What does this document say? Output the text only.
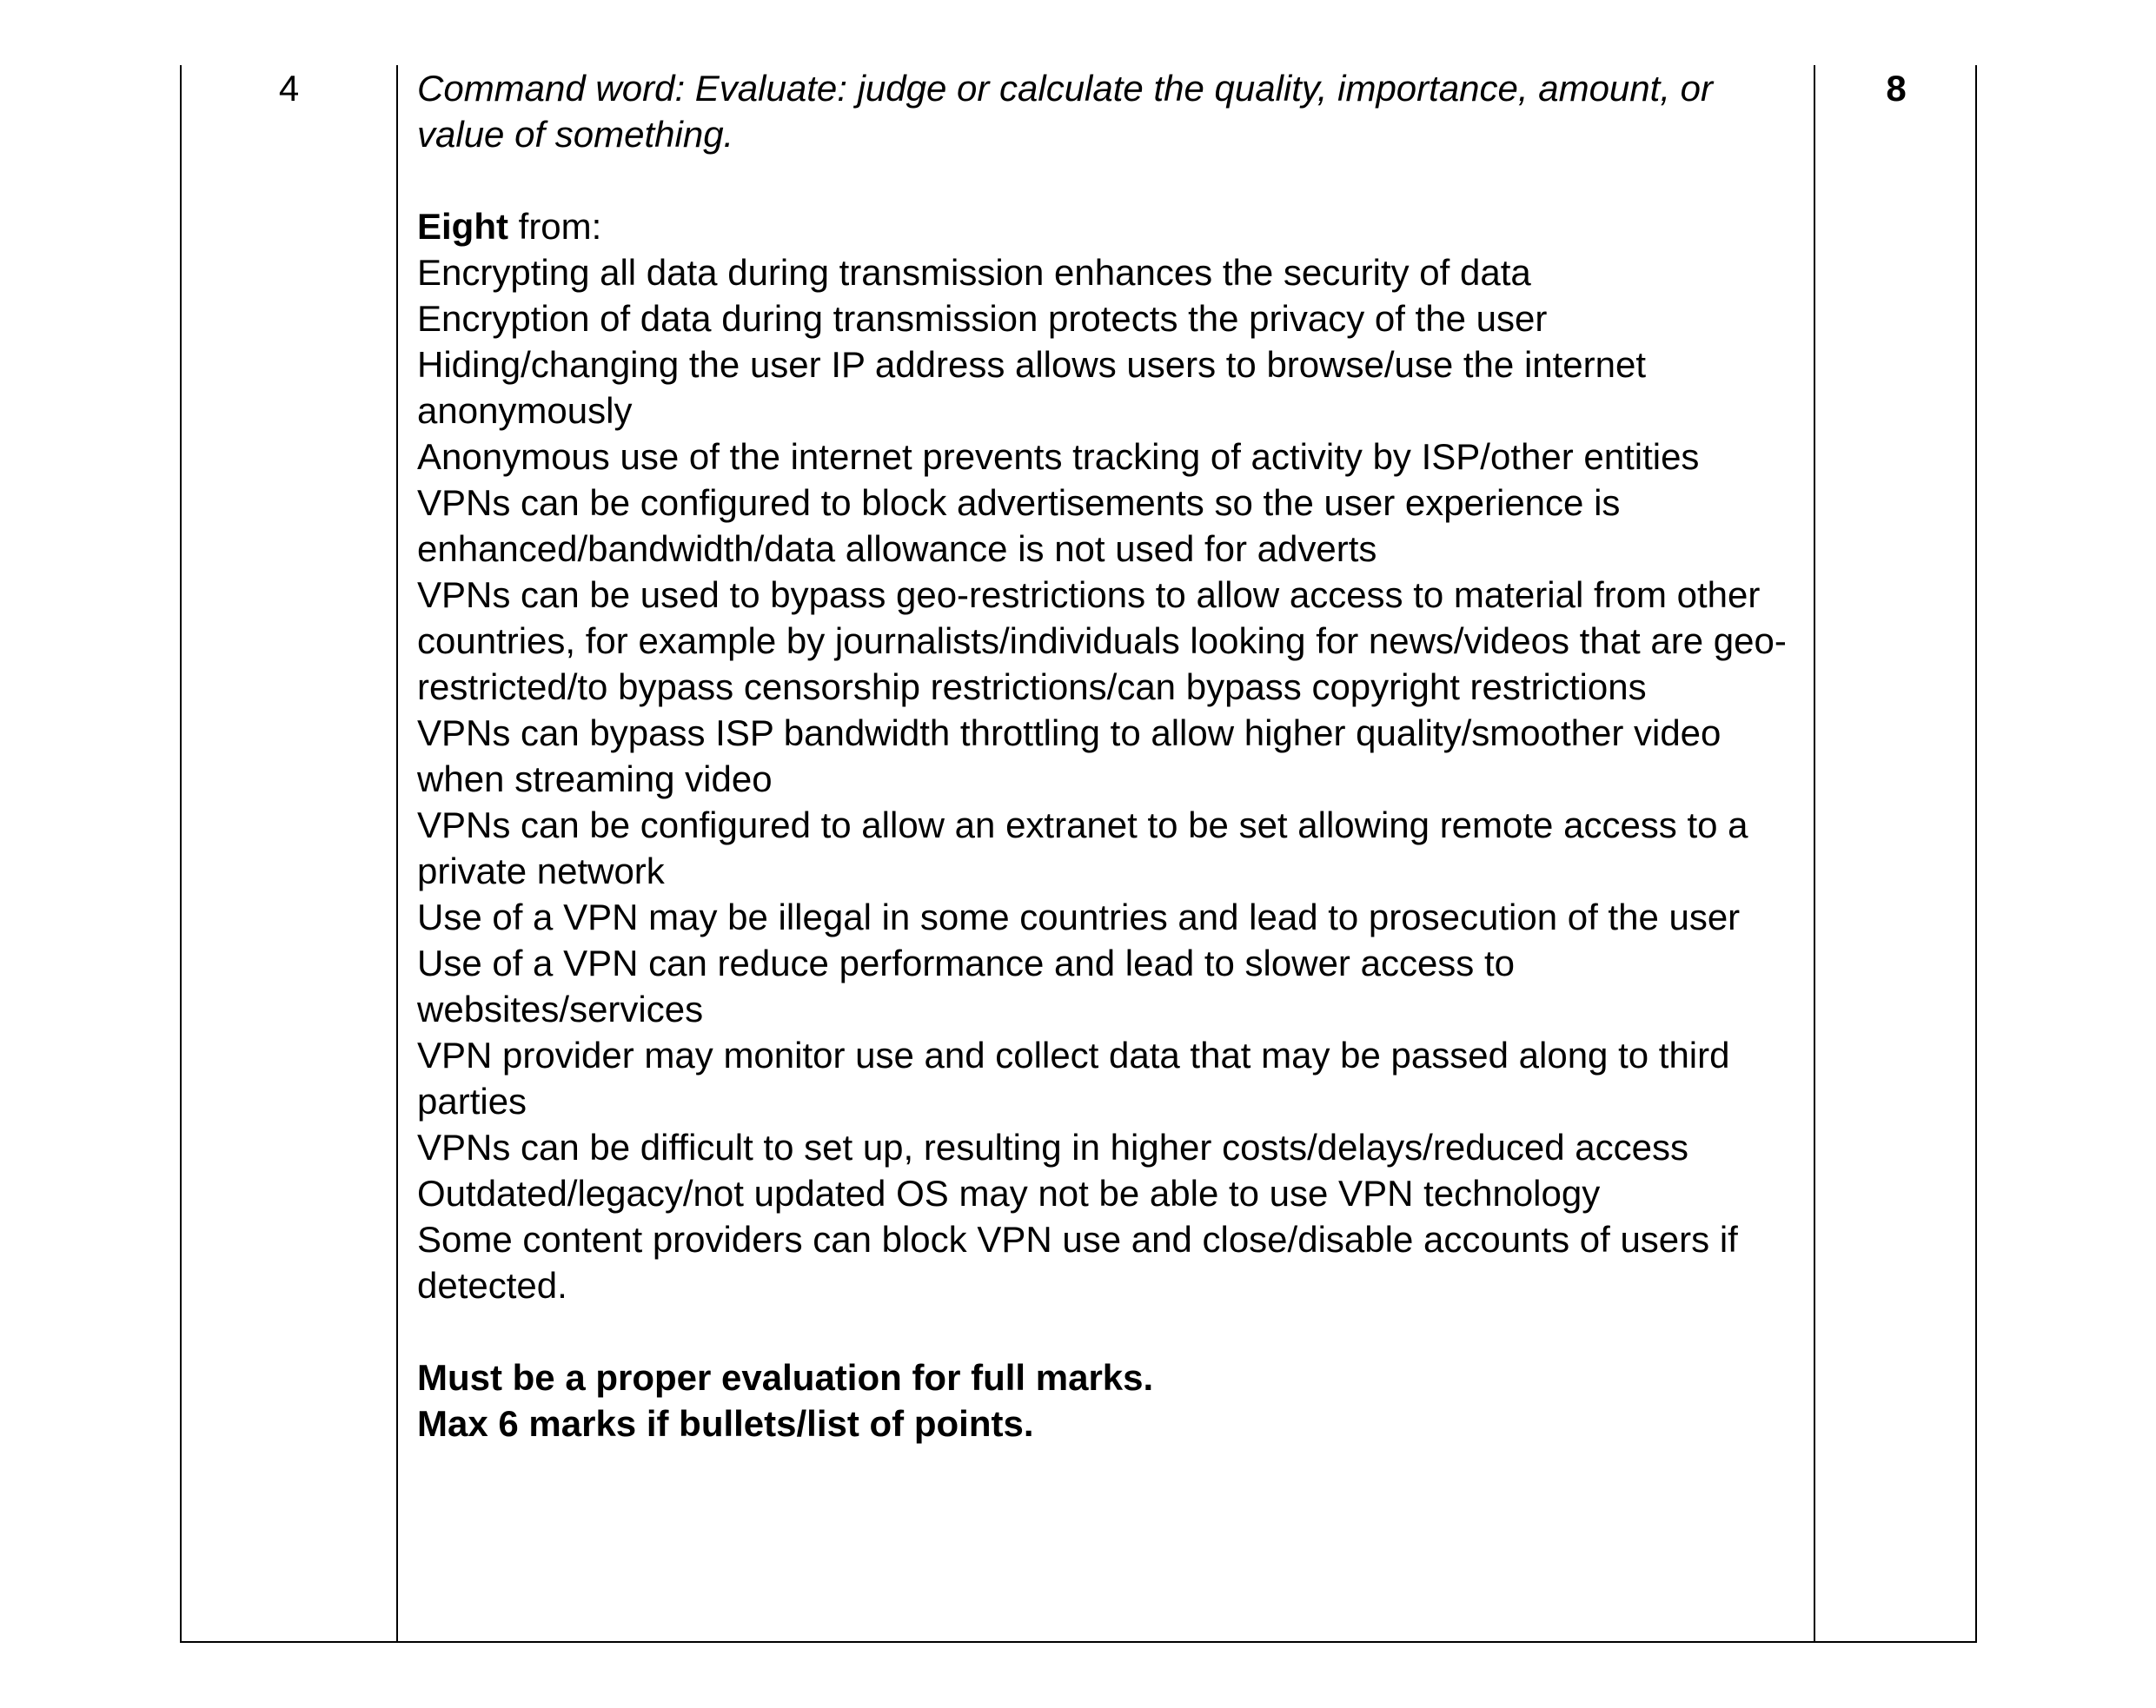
4	Command word: Evaluate: judge or calculate the quality, importance, amount, or value of something.

Eight from:

Encrypting all data during transmission enhances the security of data
Encryption of data during transmission protects the privacy of the user
Hiding/changing the user IP address allows users to browse/use the internet anonymously
Anonymous use of the internet prevents tracking of activity by ISP/other entities
VPNs can be configured to block advertisements so the user experience is enhanced/bandwidth/data allowance is not used for adverts
VPNs can be used to bypass geo-restrictions to allow access to material from other countries, for example by journalists/individuals looking for news/videos that are geo-restricted/to bypass censorship restrictions/can bypass copyright restrictions
VPNs can bypass ISP bandwidth throttling to allow higher quality/smoother video when streaming video
VPNs can be configured to allow an extranet to be set allowing remote access to a private network
Use of a VPN may be illegal in some countries and lead to prosecution of the user
Use of a VPN can reduce performance and lead to slower access to websites/services
VPN provider may monitor use and collect data that may be passed along to third parties
VPNs can be difficult to set up, resulting in higher costs/delays/reduced access
Outdated/legacy/not updated OS may not be able to use VPN technology
Some content providers can block VPN use and close/disable accounts of users if detected.

Must be a proper evaluation for full marks.

Max 6 marks if bullets/list of points.

8
